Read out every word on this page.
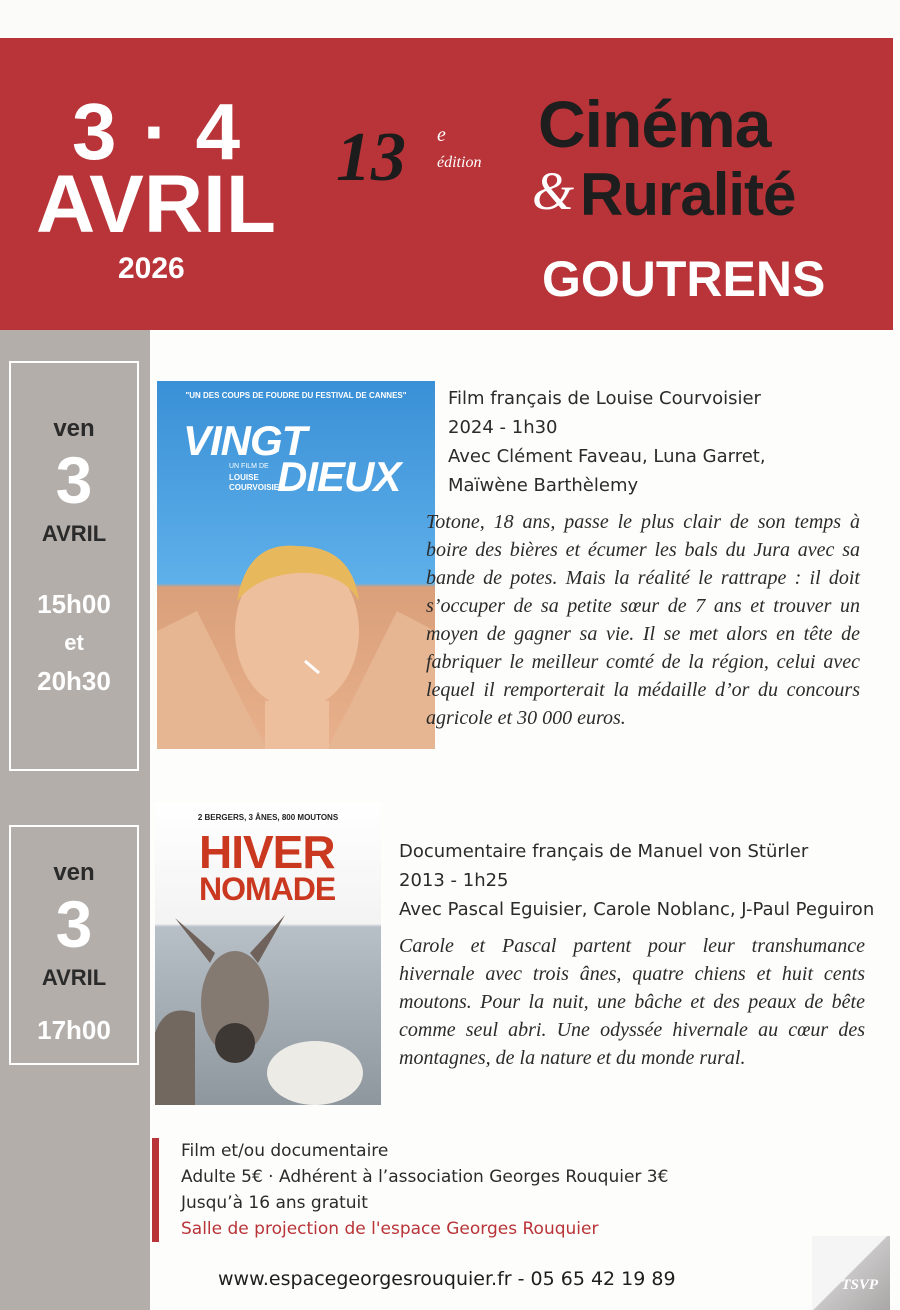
3 · 4
AVRIL
2026
13 e
édition
Cinéma
& Ruralité
GOUTRENS
ven
3
AVRIL
15h00
et
20h30
ven
3
AVRIL
17h00
"UN DES COUPS DE FOUDRE DU FESTIVAL DE CANNES"
VINGT
DIEUX
UN FILM DE
LOUISE
COURVOISIER
Film français de Louise Courvoisier
2024 - 1h30
Avec Clément Faveau, Luna Garret,
Maïwène Barthèlemy
Totone, 18 ans, passe le plus clair de son temps à boire des bières et écumer les bals du Jura avec sa bande de potes. Mais la réalité le rattrape : il doit s’occuper de sa petite sœur de 7 ans et trouver un moyen de gagner sa vie. Il se met alors en tête de fabriquer le meilleur comté de la région, celui avec lequel il remporterait la médaille d’or du concours agricole et 30 000 euros.
2 BERGERS, 3 ÂNES, 800 MOUTONS
HIVER
NOMADE
Documentaire français de Manuel von Stürler
2013 - 1h25
Avec Pascal Eguisier, Carole Noblanc, J-Paul Peguiron
Carole et Pascal partent pour leur transhumance hivernale avec trois ânes, quatre chiens et huit cents moutons. Pour la nuit, une bâche et des peaux de bête comme seul abri. Une odyssée hivernale au cœur des montagnes, de la nature et du monde rural.
Film et/ou documentaire
Adulte 5€ · Adhérent à l’association Georges Rouquier 3€
Jusqu’à 16 ans gratuit
Salle de projection de l'espace Georges Rouquier
www.espacegeorgesrouquier.fr - 05 65 42 19 89	TSVP
